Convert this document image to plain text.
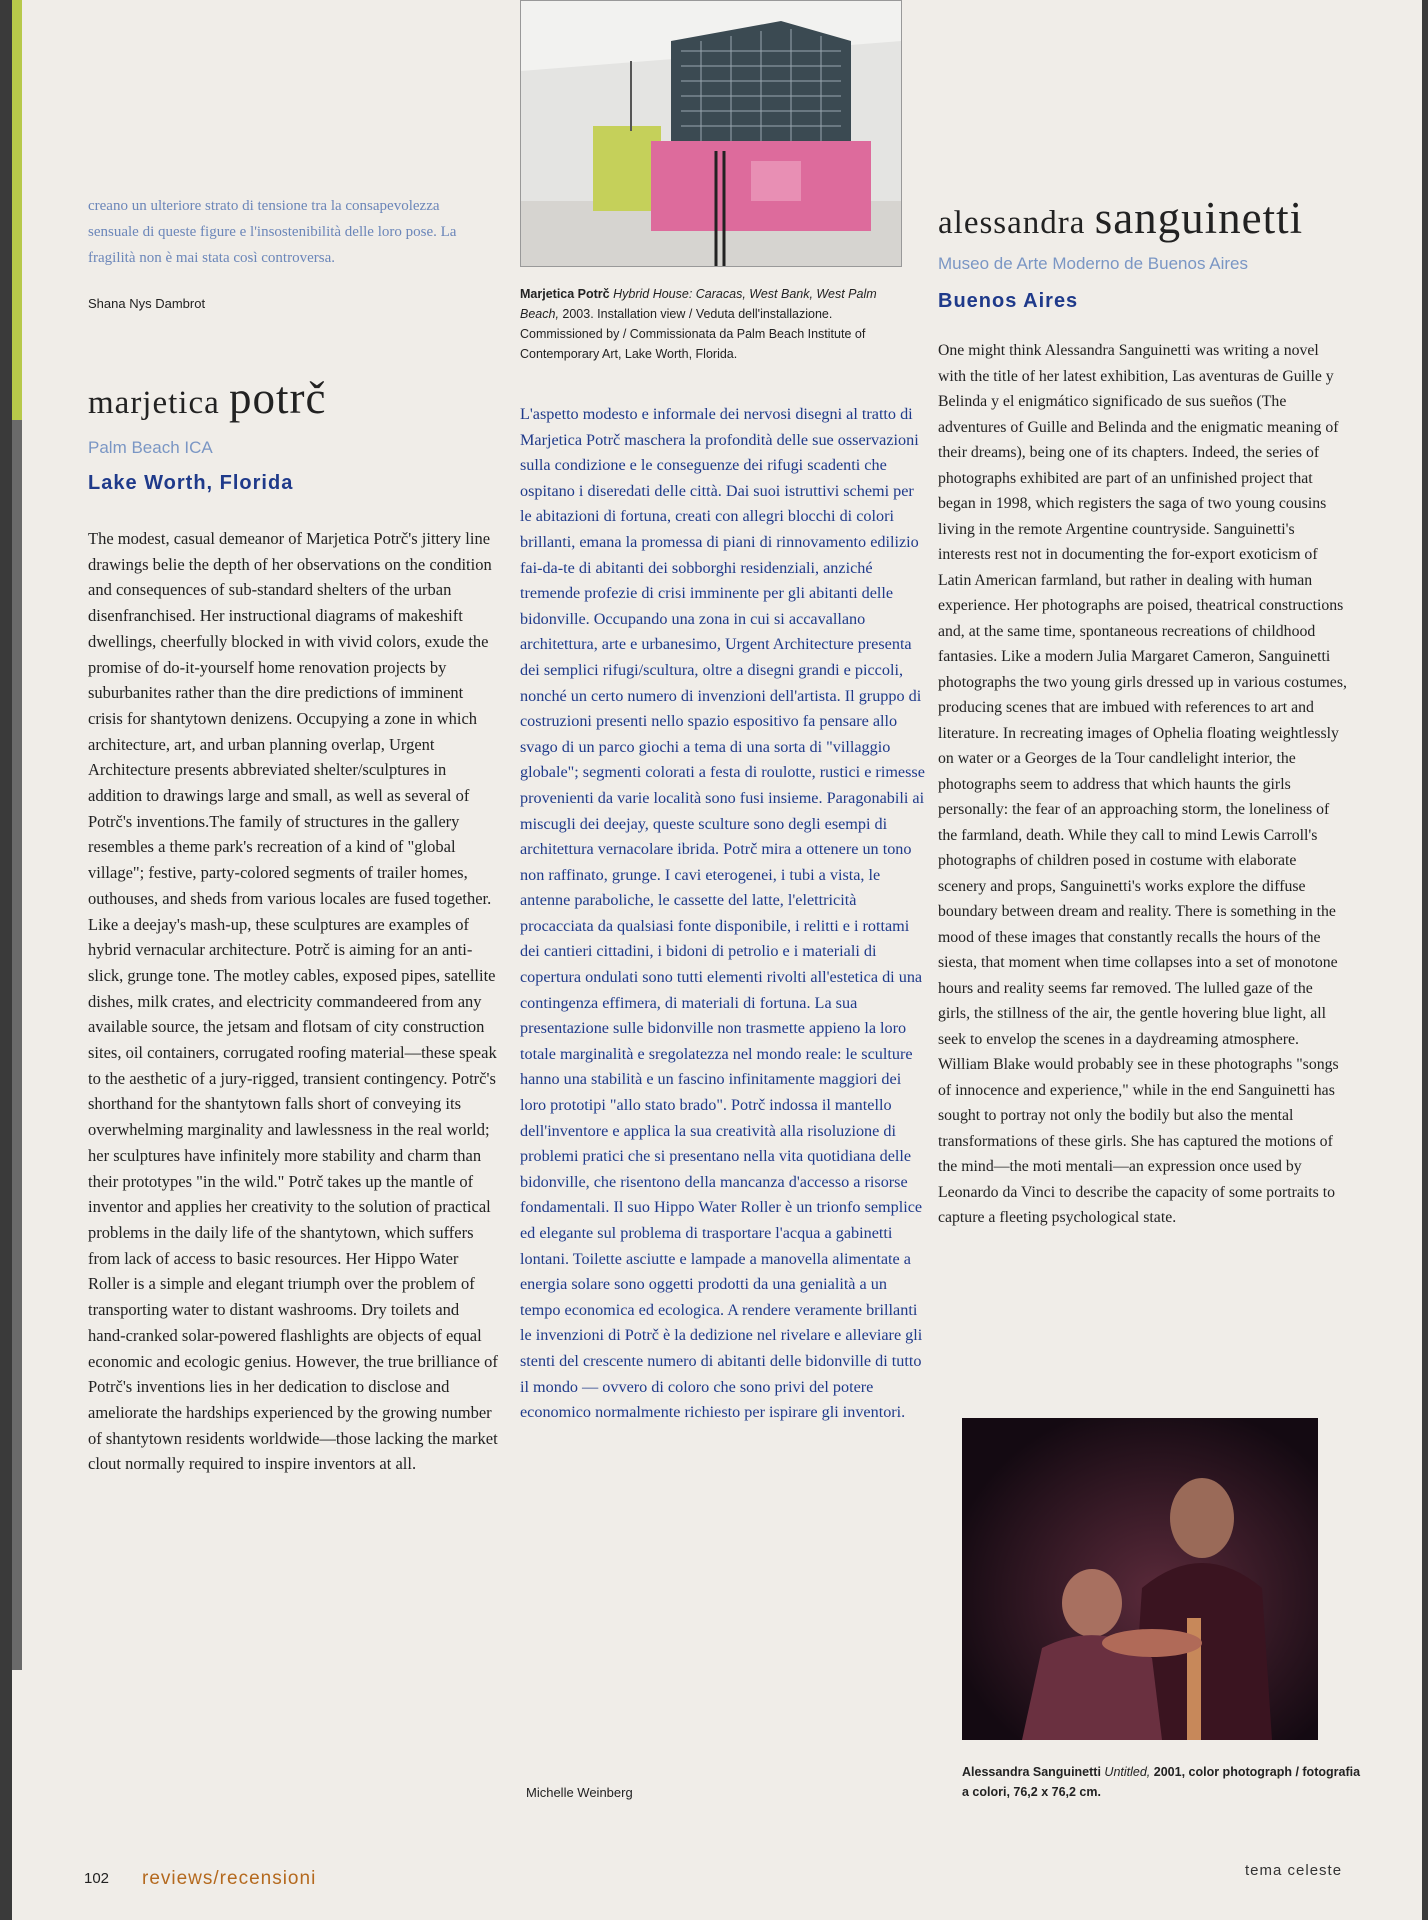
creano un ulteriore strato di tensione tra la consapevolezza sensuale di queste figure e l'insostenibilità delle loro pose. La fragilità non è mai stata così controversa.
Shana Nys Dambrot
marjetica potrč
Palm Beach ICA
Lake Worth, Florida
The modest, casual demeanor of Marjetica Potrč's jittery line drawings belie the depth of her observations on the condition and consequences of sub-standard shelters of the urban disenfranchised. Her instructional diagrams of makeshift dwellings, cheerfully blocked in with vivid colors, exude the promise of do-it-yourself home renovation projects by suburbanites rather than the dire predictions of imminent crisis for shantytown denizens. Occupying a zone in which architecture, art, and urban planning overlap, Urgent Architecture presents abbreviated shelter/sculptures in addition to drawings large and small, as well as several of Potrč's inventions.The family of structures in the gallery resembles a theme park's recreation of a kind of "global village"; festive, party-colored segments of trailer homes, outhouses, and sheds from various locales are fused together. Like a deejay's mash-up, these sculptures are examples of hybrid vernacular architecture. Potrč is aiming for an anti-slick, grunge tone. The motley cables, exposed pipes, satellite dishes, milk crates, and electricity commandeered from any available source, the jetsam and flotsam of city construction sites, oil containers, corrugated roofing material—these speak to the aesthetic of a jury-rigged, transient contingency. Potrč's shorthand for the shantytown falls short of conveying its overwhelming marginality and lawlessness in the real world; her sculptures have infinitely more stability and charm than their prototypes "in the wild." Potrč takes up the mantle of inventor and applies her creativity to the solution of practical problems in the daily life of the shantytown, which suffers from lack of access to basic resources. Her Hippo Water Roller is a simple and elegant triumph over the problem of transporting water to distant washrooms. Dry toilets and hand-cranked solar-powered flashlights are objects of equal economic and ecologic genius. However, the true brilliance of Potrč's inventions lies in her dedication to disclose and ameliorate the hardships experienced by the growing number of shantytown residents worldwide—those lacking the market clout normally required to inspire inventors at all.
Marjetica Potrč Hybrid House: Caracas, West Bank, West Palm Beach, 2003. Installation view / Veduta dell'installazione. Commissioned by / Commissionata da Palm Beach Institute of Contemporary Art, Lake Worth, Florida.
L'aspetto modesto e informale dei nervosi disegni al tratto di Marjetica Potrč maschera la profondità delle sue osservazioni sulla condizione e le conseguenze dei rifugi scadenti che ospitano i diseredati delle città. Dai suoi istruttivi schemi per le abitazioni di fortuna, creati con allegri blocchi di colori brillanti, emana la promessa di piani di rinnovamento edilizio fai-da-te di abitanti dei sobborghi residenziali, anziché tremende profezie di crisi imminente per gli abitanti delle bidonville. Occupando una zona in cui si accavallano architettura, arte e urbanesimo, Urgent Architecture presenta dei semplici rifugi/scultura, oltre a disegni grandi e piccoli, nonché un certo numero di invenzioni dell'artista. Il gruppo di costruzioni presenti nello spazio espositivo fa pensare allo svago di un parco giochi a tema di una sorta di "villaggio globale"; segmenti colorati a festa di roulotte, rustici e rimesse provenienti da varie località sono fusi insieme. Paragonabili ai miscugli dei deejay, queste sculture sono degli esempi di architettura vernacolare ibrida. Potrč mira a ottenere un tono non raffinato, grunge. I cavi eterogenei, i tubi a vista, le antenne paraboliche, le cassette del latte, l'elettricità procacciata da qualsiasi fonte disponibile, i relitti e i rottami dei cantieri cittadini, i bidoni di petrolio e i materiali di copertura ondulati sono tutti elementi rivolti all'estetica di una contingenza effimera, di materiali di fortuna. La sua presentazione sulle bidonville non trasmette appieno la loro totale marginalità e sregolatezza nel mondo reale: le sculture hanno una stabilità e un fascino infinitamente maggiori dei loro prototipi "allo stato brado". Potrč indossa il mantello dell'inventore e applica la sua creatività alla risoluzione di problemi pratici che si presentano nella vita quotidiana delle bidonville, che risentono della mancanza d'accesso a risorse fondamentali. Il suo Hippo Water Roller è un trionfo semplice ed elegante sul problema di trasportare l'acqua a gabinetti lontani. Toilette asciutte e lampade a manovella alimentate a energia solare sono oggetti prodotti da una genialità a un tempo economica ed ecologica. A rendere veramente brillanti le invenzioni di Potrč è la dedizione nel rivelare e alleviare gli stenti del crescente numero di abitanti delle bidonville di tutto il mondo — ovvero di coloro che sono privi del potere economico normalmente richiesto per ispirare gli inventori.
Michelle Weinberg
alessandra sanguinetti
Museo de Arte Moderno de Buenos Aires
Buenos Aires
One might think Alessandra Sanguinetti was writing a novel with the title of her latest exhibition, Las aventuras de Guille y Belinda y el enigmático significado de sus sueños (The adventures of Guille and Belinda and the enigmatic meaning of their dreams), being one of its chapters. Indeed, the series of photographs exhibited are part of an unfinished project that began in 1998, which registers the saga of two young cousins living in the remote Argentine countryside. Sanguinetti's interests rest not in documenting the for-export exoticism of Latin American farmland, but rather in dealing with human experience. Her photographs are poised, theatrical constructions and, at the same time, spontaneous recreations of childhood fantasies. Like a modern Julia Margaret Cameron, Sanguinetti photographs the two young girls dressed up in various costumes, producing scenes that are imbued with references to art and literature. In recreating images of Ophelia floating weightlessly on water or a Georges de la Tour candlelight interior, the photographs seem to address that which haunts the girls personally: the fear of an approaching storm, the loneliness of the farmland, death. While they call to mind Lewis Carroll's photographs of children posed in costume with elaborate scenery and props, Sanguinetti's works explore the diffuse boundary between dream and reality. There is something in the mood of these images that constantly recalls the hours of the siesta, that moment when time collapses into a set of monotone hours and reality seems far removed. The lulled gaze of the girls, the stillness of the air, the gentle hovering blue light, all seek to envelop the scenes in a daydreaming atmosphere. William Blake would probably see in these photographs "songs of innocence and experience," while in the end Sanguinetti has sought to portray not only the bodily but also the mental transformations of these girls. She has captured the motions of the mind—the moti mentali—an expression once used by Leonardo da Vinci to describe the capacity of some portraits to capture a fleeting psychological state.
Alessandra Sanguinetti Untitled, 2001, color photograph / fotografia a colori, 76,2 x 76,2 cm.
102 reviews/recensioni	tema celeste
